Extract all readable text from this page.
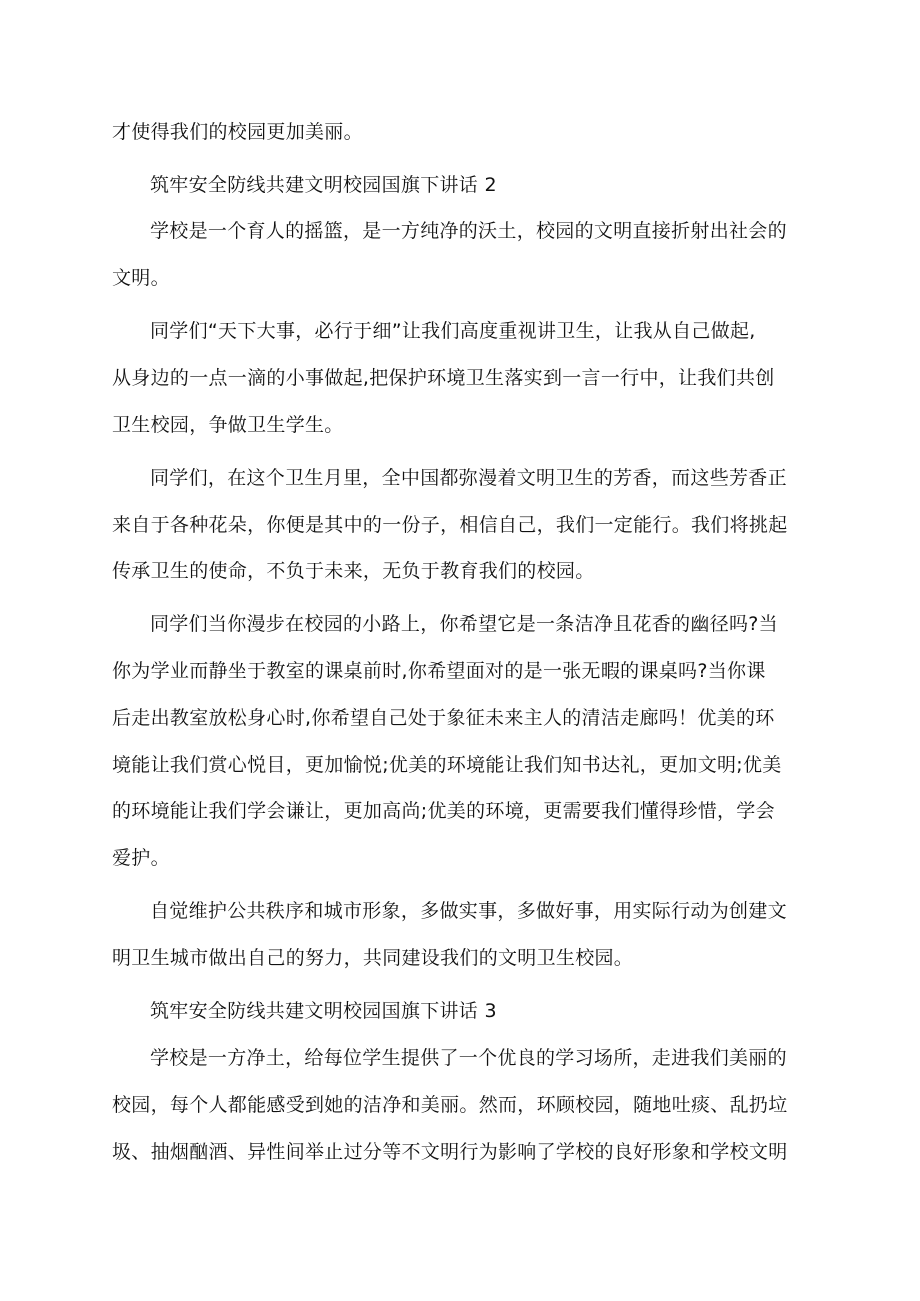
才使得我们的校园更加美丽。
筑牢安全防线共建文明校园国旗下讲话 2
学校是一个育人的摇篮，是一方纯净的沃土，校园的文明直接折射出社会的
文明。
同学们“天下大事，必行于细”让我们高度重视讲卫生，让我从自己做起,
从身边的一点一滴的小事做起,把保护环境卫生落实到一言一行中，让我们共创
卫生校园，争做卫生学生。
同学们，在这个卫生月里，全中国都弥漫着文明卫生的芳香，而这些芳香正
来自于各种花朵，你便是其中的一份子，相信自己，我们一定能行。我们将挑起
传承卫生的使命，不负于未来，无负于教育我们的校园。
同学们当你漫步在校园的小路上，你希望它是一条洁净且花香的幽径吗?当
你为学业而静坐于教室的课桌前时,你希望面对的是一张无暇的课桌吗?当你课
后走出教室放松身心时,你希望自己处于象征未来主人的清洁走廊吗！优美的环
境能让我们赏心悦目，更加愉悦;优美的环境能让我们知书达礼，更加文明;优美
的环境能让我们学会谦让，更加高尚;优美的环境，更需要我们懂得珍惜，学会
爱护。
自觉维护公共秩序和城市形象，多做实事，多做好事，用实际行动为创建文
明卫生城市做出自己的努力，共同建设我们的文明卫生校园。
筑牢安全防线共建文明校园国旗下讲话 3
学校是一方净土，给每位学生提供了一个优良的学习场所，走进我们美丽的
校园，每个人都能感受到她的洁净和美丽。然而，环顾校园，随地吐痰、乱扔垃
圾、抽烟酗酒、异性间举止过分等不文明行为影响了学校的良好形象和学校文明
